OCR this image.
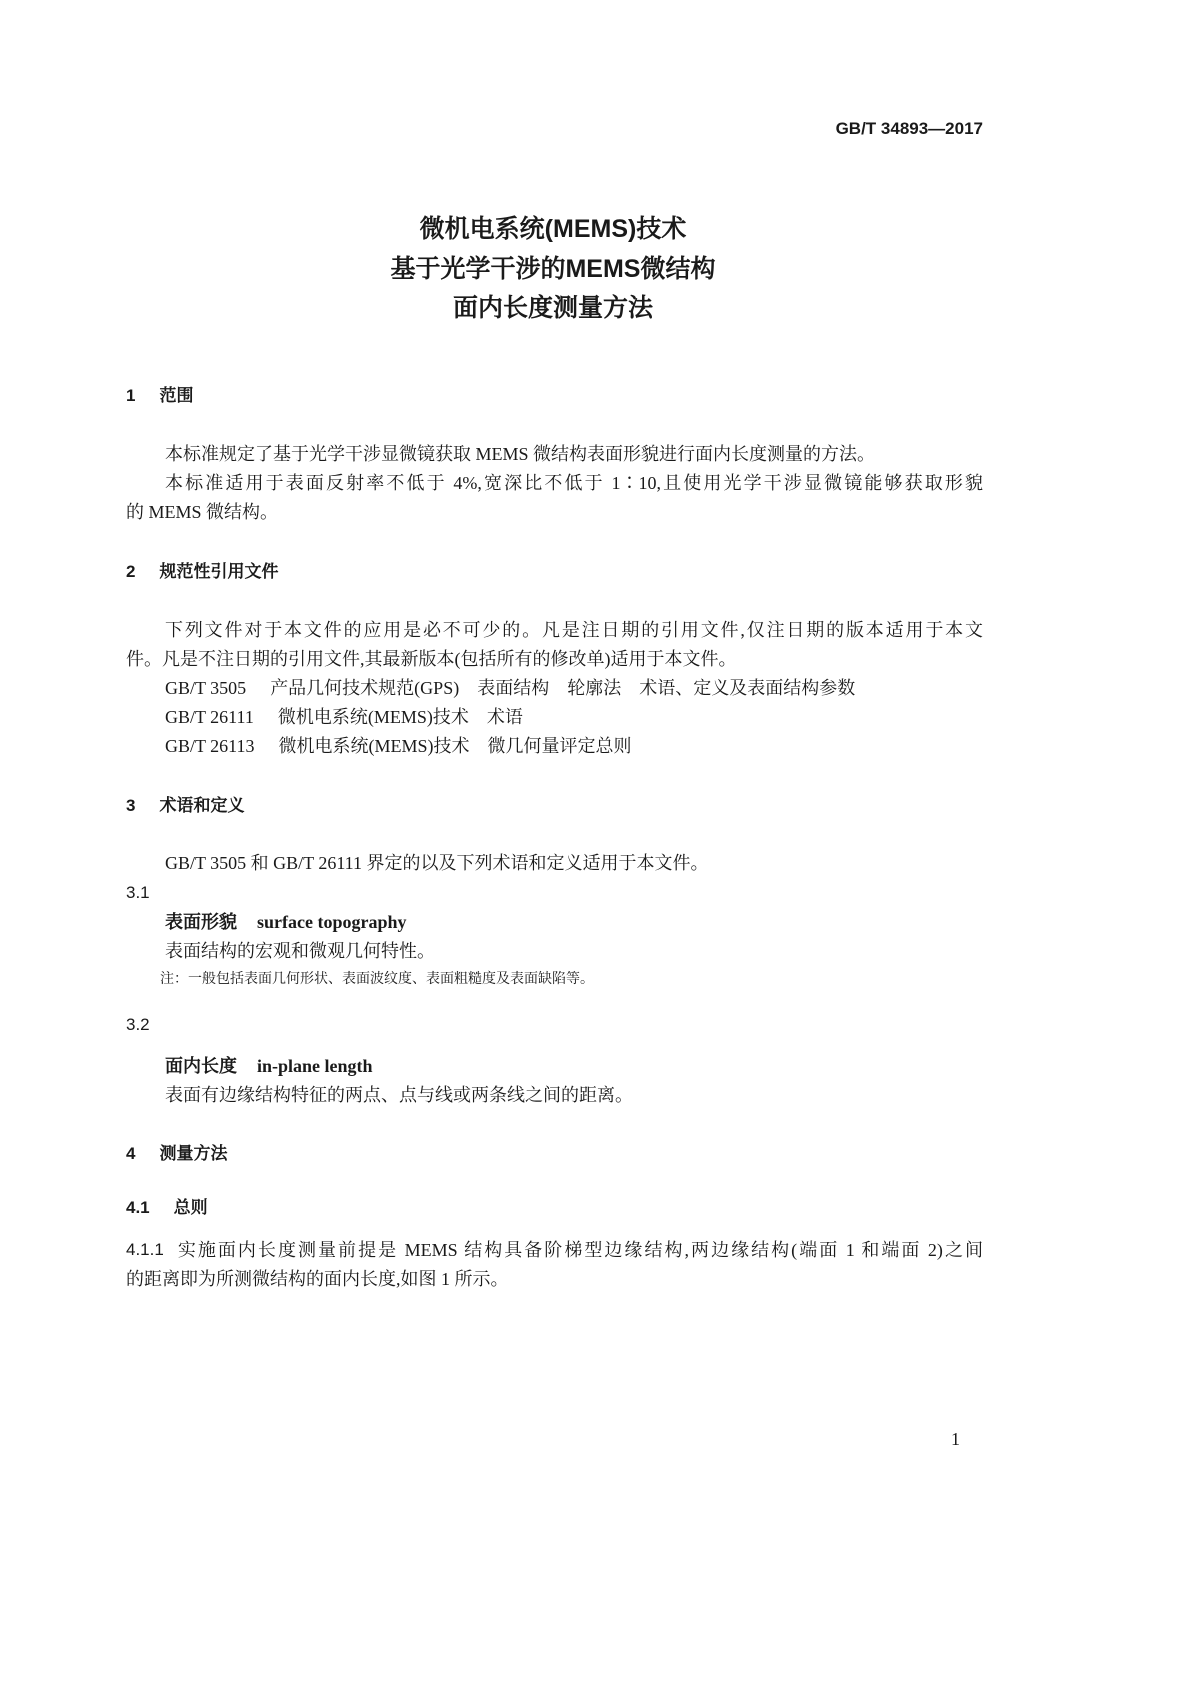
GB/T 34893—2017
微机电系统(MEMS)技术
基于光学干涉的MEMS微结构
面内长度测量方法
1 范围
本标准规定了基于光学干涉显微镜获取 MEMS 微结构表面形貌进行面内长度测量的方法。
本标准适用于表面反射率不低于 4%,宽深比不低于 1∶10,且使用光学干涉显微镜能够获取形貌
的 MEMS 微结构。
2 规范性引用文件
下列文件对于本文件的应用是必不可少的。凡是注日期的引用文件,仅注日期的版本适用于本文
件。凡是不注日期的引用文件,其最新版本(包括所有的修改单)适用于本文件。
GB/T 3505 产品几何技术规范(GPS)　表面结构　轮廓法　术语、定义及表面结构参数
GB/T 26111 微机电系统(MEMS)技术　术语
GB/T 26113 微机电系统(MEMS)技术　微几何量评定总则
3 术语和定义
GB/T 3505 和 GB/T 26111 界定的以及下列术语和定义适用于本文件。
3.1
表面形貌 surface topography
表面结构的宏观和微观几何特性。
注：一般包括表面几何形状、表面波纹度、表面粗糙度及表面缺陷等。
3.2
面内长度 in-plane length
表面有边缘结构特征的两点、点与线或两条线之间的距离。
4 测量方法
4.1 总则
4.1.1 实施面内长度测量前提是 MEMS 结构具备阶梯型边缘结构,两边缘结构(端面 1 和端面 2)之间
的距离即为所测微结构的面内长度,如图 1 所示。
1
